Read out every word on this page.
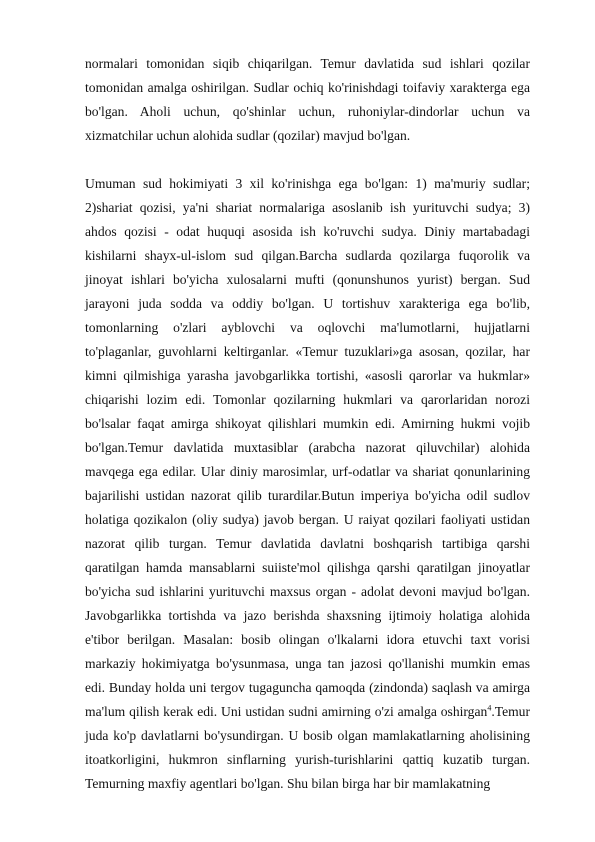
normalari tomonidan siqib chiqarilgan. Temur davlatida sud ishlari qozilar tomonidan amalga oshirilgan. Sudlar ochiq ko'rinishdagi toifaviy xarakterga ega bo'lgan. Aholi uchun, qo'shinlar uchun, ruhoniylar-dindorlar uchun va xizmatchilar uchun alohida sudlar (qozilar) mavjud bo'lgan.

Umuman sud hokimiyati 3 xil ko'rinishga ega bo'lgan: 1) ma'muriy sudlar; 2)shariat qozisi, ya'ni shariat normalariga asoslanib ish yurituvchi sudya; 3) ahdos qozisi - odat huquqi asosida ish ko'ruvchi sudya. Diniy martabadagi kishilarni shayx-ul-islom sud qilgan.Barcha sudlarda qozilarga fuqorolik va jinoyat ishlari bo'yicha xulosalarni mufti (qonunshunos yurist) bergan. Sud jarayoni juda sodda va oddiy bo'lgan. U tortishuv xarakteriga ega bo'lib, tomonlarning o'zlari ayblovchi va oqlovchi ma'lumotlarni, hujjatlarni to'plaganlar, guvohlarni keltirganlar. «Temur tuzuklari»ga asosan, qozilar, har kimni qilmishiga yarasha javobgarlikka tortishi, «asosli qarorlar va hukmlar» chiqarishi lozim edi. Tomonlar qozilarning hukmlari va qarorlaridan norozi bo'lsalar faqat amirga shikoyat qilishlari mumkin edi. Amirning hukmi vojib bo'lgan.Temur davlatida muxtasiblar (arabcha nazorat qiluvchilar) alohida mavqega ega edilar. Ular diniy marosimlar, urf-odatlar va shariat qonunlarining bajarilishi ustidan nazorat qilib turardilar.Butun imperiya bo'yicha odil sudlov holatiga qozikalon (oliy sudya) javob bergan. U raiyat qozilari faoliyati ustidan nazorat qilib turgan. Temur davlatida davlatni boshqarish tartibiga qarshi qaratilgan hamda mansablarni suiiste'mol qilishga qarshi qaratilgan jinoyatlar bo'yicha sud ishlarini yurituvchi maxsus organ - adolat devoni mavjud bo'lgan. Javobgarlikka tortishda va jazo berishda shaxsning ijtimoiy holatiga alohida e'tibor berilgan. Masalan: bosib olingan o'lkalarni idora etuvchi taxt vorisi markaziy hokimiyatga bo'ysunmasa, unga tan jazosi qo'llanishi mumkin emas edi. Bunday holda uni tergov tugaguncha qamoqda (zindonda) saqlash va amirga ma'lum qilish kerak edi. Uni ustidan sudni amirning o'zi amalga oshirgan$^4$.Temur juda ko'p davlatlarni bo'ysundirgan. U bosib olgan mamlakatlarning aholisining itoatkorligini, hukmron sinflarning yurish-turishlarini qattiq kuzatib turgan. Temurning maxfiy agentlari bo'lgan. Shu bilan birga har bir mamlakatning
